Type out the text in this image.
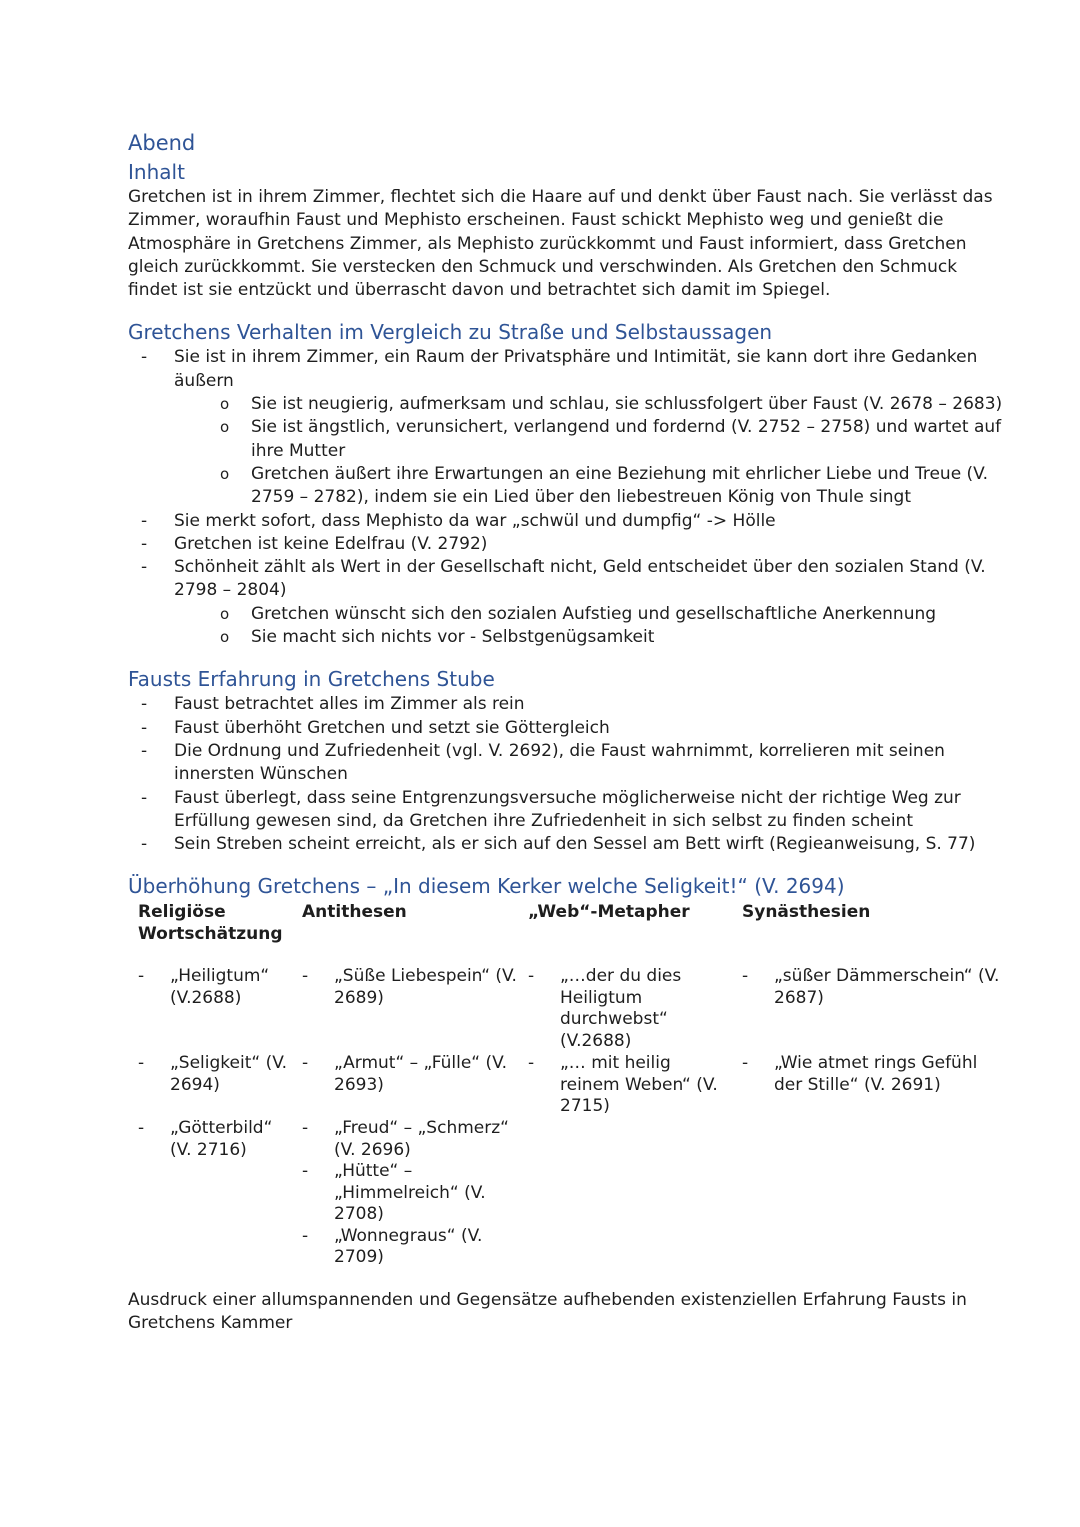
Abend
Inhalt

Gretchen ist in ihrem Zimmer, flechtet sich die Haare auf und denkt über Faust nach. Sie verlässt das Zimmer, woraufhin Faust und Mephisto erscheinen. Faust schickt Mephisto weg und genießt die Atmosphäre in Gretchens Zimmer, als Mephisto zurückkommt und Faust informiert, dass Gretchen gleich zurückkommt. Sie verstecken den Schmuck und verschwinden. Als Gretchen den Schmuck findet ist sie entzückt und überrascht davon und betrachtet sich damit im Spiegel.

Gretchens Verhalten im Vergleich zu Straße und Selbstaussagen
- Sie ist in ihrem Zimmer, ein Raum der Privatsphäre und Intimität, sie kann dort ihre Gedanken äußern
o Sie ist neugierig, aufmerksam und schlau, sie schlussfolgert über Faust (V. 2678 – 2683)
o Sie ist ängstlich, verunsichert, verlangend und fordernd (V. 2752 – 2758) und wartet auf ihre Mutter
o Gretchen äußert ihre Erwartungen an eine Beziehung mit ehrlicher Liebe und Treue (V. 2759 – 2782), indem sie ein Lied über den liebestreuen König von Thule singt
- Sie merkt sofort, dass Mephisto da war „schwül und dumpfig“ -> Hölle
- Gretchen ist keine Edelfrau (V. 2792)
- Schönheit zählt als Wert in der Gesellschaft nicht, Geld entscheidet über den sozialen Stand (V. 2798 – 2804)
o Gretchen wünscht sich den sozialen Aufstieg und gesellschaftliche Anerkennung
o Sie macht sich nichts vor - Selbstgenügsamkeit
Fausts Erfahrung in Gretchens Stube
- Faust betrachtet alles im Zimmer als rein
- Faust überhöht Gretchen und setzt sie Göttergleich
- Die Ordnung und Zufriedenheit (vgl. V. 2692), die Faust wahrnimmt, korrelieren mit seinen innersten Wünschen
- Faust überlegt, dass seine Entgrenzungsversuche möglicherweise nicht der richtige Weg zur Erfüllung gewesen sind, da Gretchen ihre Zufriedenheit in sich selbst zu finden scheint
- Sein Streben scheint erreicht, als er sich auf den Sessel am Bett wirft (Regieanweisung, S. 77)
Überhöhung Gretchens – „In diesem Kerker welche Seligkeit!“ (V. 2694)
Religiöse Wortschätzung
Antithesen	„Web“-Metapher	Synästhesien
- „Heiligtum“ (V.2688)
- „Seligkeit“ (V. 2694)
- „Götterbild“ (V. 2716)
- „Süße Liebespein“ (V. 2689)
- „Armut“ – „Fülle“ (V. 2693)
- „Freud“ – „Schmerz“ (V. 2696)
- „Hütte“ – „Himmelreich“ (V. 2708)
- „Wonnegraus“ (V. 2709)
- „…der du dies Heiligtum durchwebst“ (V.2688)
- „… mit heilig reinem Weben“ (V. 2715)
- „süßer Dämmerschein“ (V. 2687)
- „Wie atmet rings Gefühl der Stille“ (V. 2691)

Ausdruck einer allumspannenden und Gegensätze aufhebenden existenziellen Erfahrung Fausts in Gretchens Kammer
